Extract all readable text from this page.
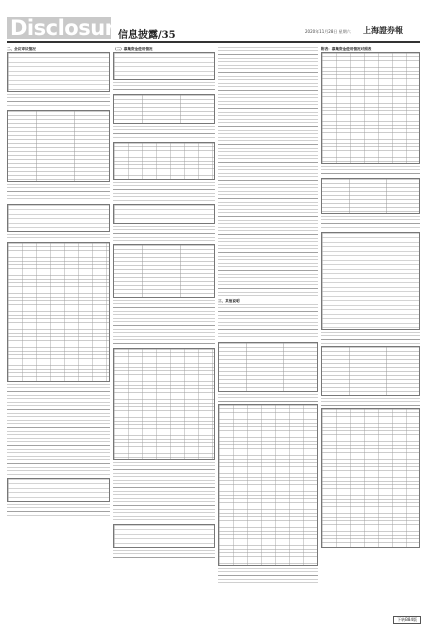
Disclosure
信息披露/35	2020年11月28日 星期六 上海證券報
二、会议审议情况	（二）募集资金使用情况
三、其他说明
附表：募集资金使用情况对照表
下转B84版
